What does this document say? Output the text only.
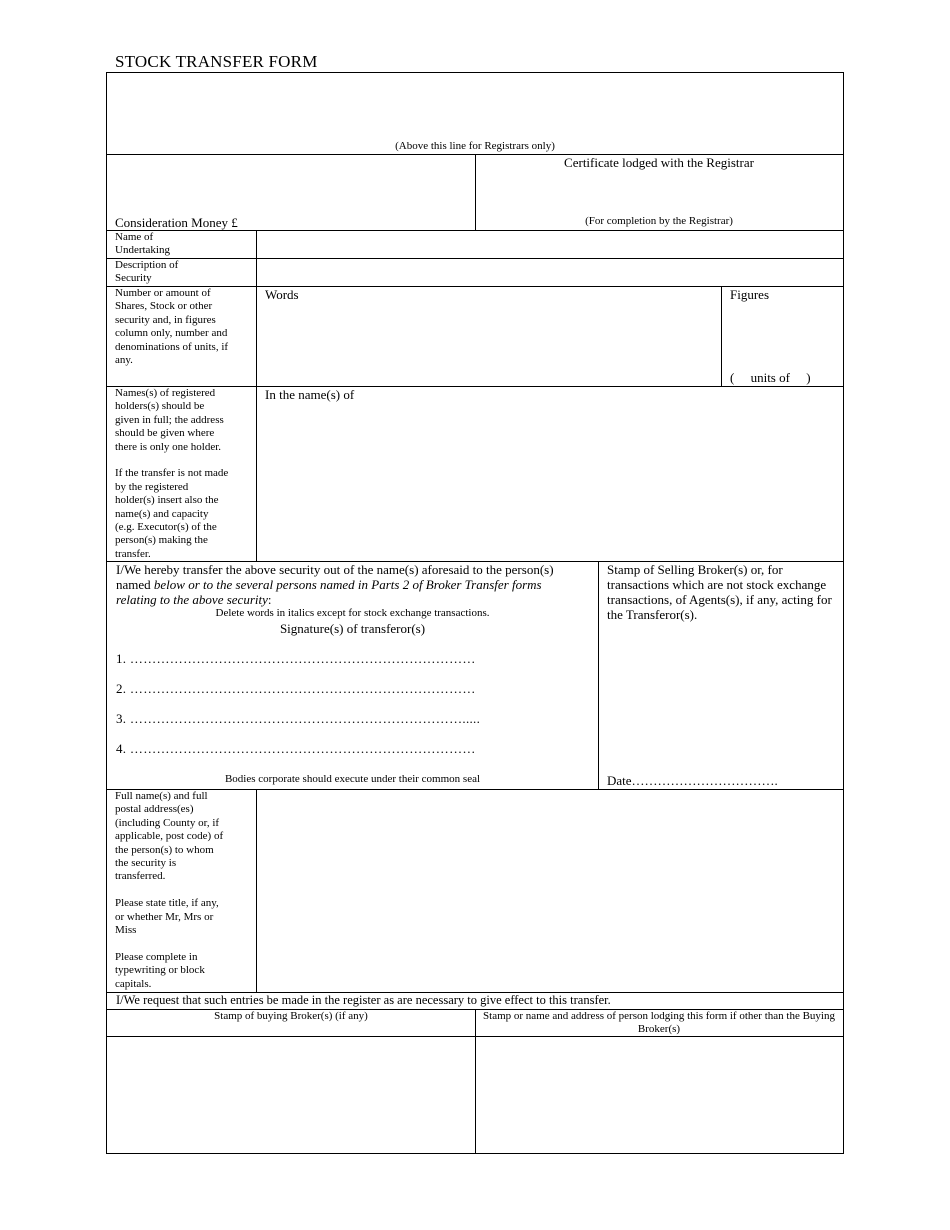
STOCK TRANSFER FORM
(Above this line for Registrars only)
Consideration Money £
Certificate lodged with the Registrar
(For completion by the Registrar)
Name of
Undertaking
Description of
Security
Number or amount of
Shares, Stock or other
security and, in figures
column only, number and
denominations of units, if
any.
Words	Figures
(     units of     )
Names(s) of registered
holders(s) should be
given in full; the address
should be given where
there is only one holder.

If the transfer is not made
by the registered
holder(s) insert also the
name(s) and capacity
(e.g. Executor(s) of the
person(s) making the
transfer.
In the name(s) of
I/We hereby transfer the above security out of the name(s) aforesaid to the person(s) named below or to the several persons named in Parts 2 of Broker Transfer forms relating to the above security:
Delete words in italics except for stock exchange transactions.
Signature(s) of transferor(s)
1. ……………………………………………………………………
2. ……………………………………………………………………
3. ………………………………………………………………….....
4. ……………………………………………………………………
Bodies corporate should execute under their common seal
Stamp of Selling Broker(s) or, for transactions which are not stock exchange transactions, of Agents(s), if any, acting for the Transferor(s).
Date…………………………….
Full name(s) and full
postal address(es)
(including County or, if
applicable, post code) of
the person(s) to whom
the security is
transferred.

Please state title, if any,
or whether Mr, Mrs or
Miss

Please complete in
typewriting or block
capitals.
I/We request that such entries be made in the register as are necessary to give effect to this transfer.
Stamp of buying Broker(s) (if any)	Stamp or name and address of person lodging this form if other than the Buying Broker(s)
